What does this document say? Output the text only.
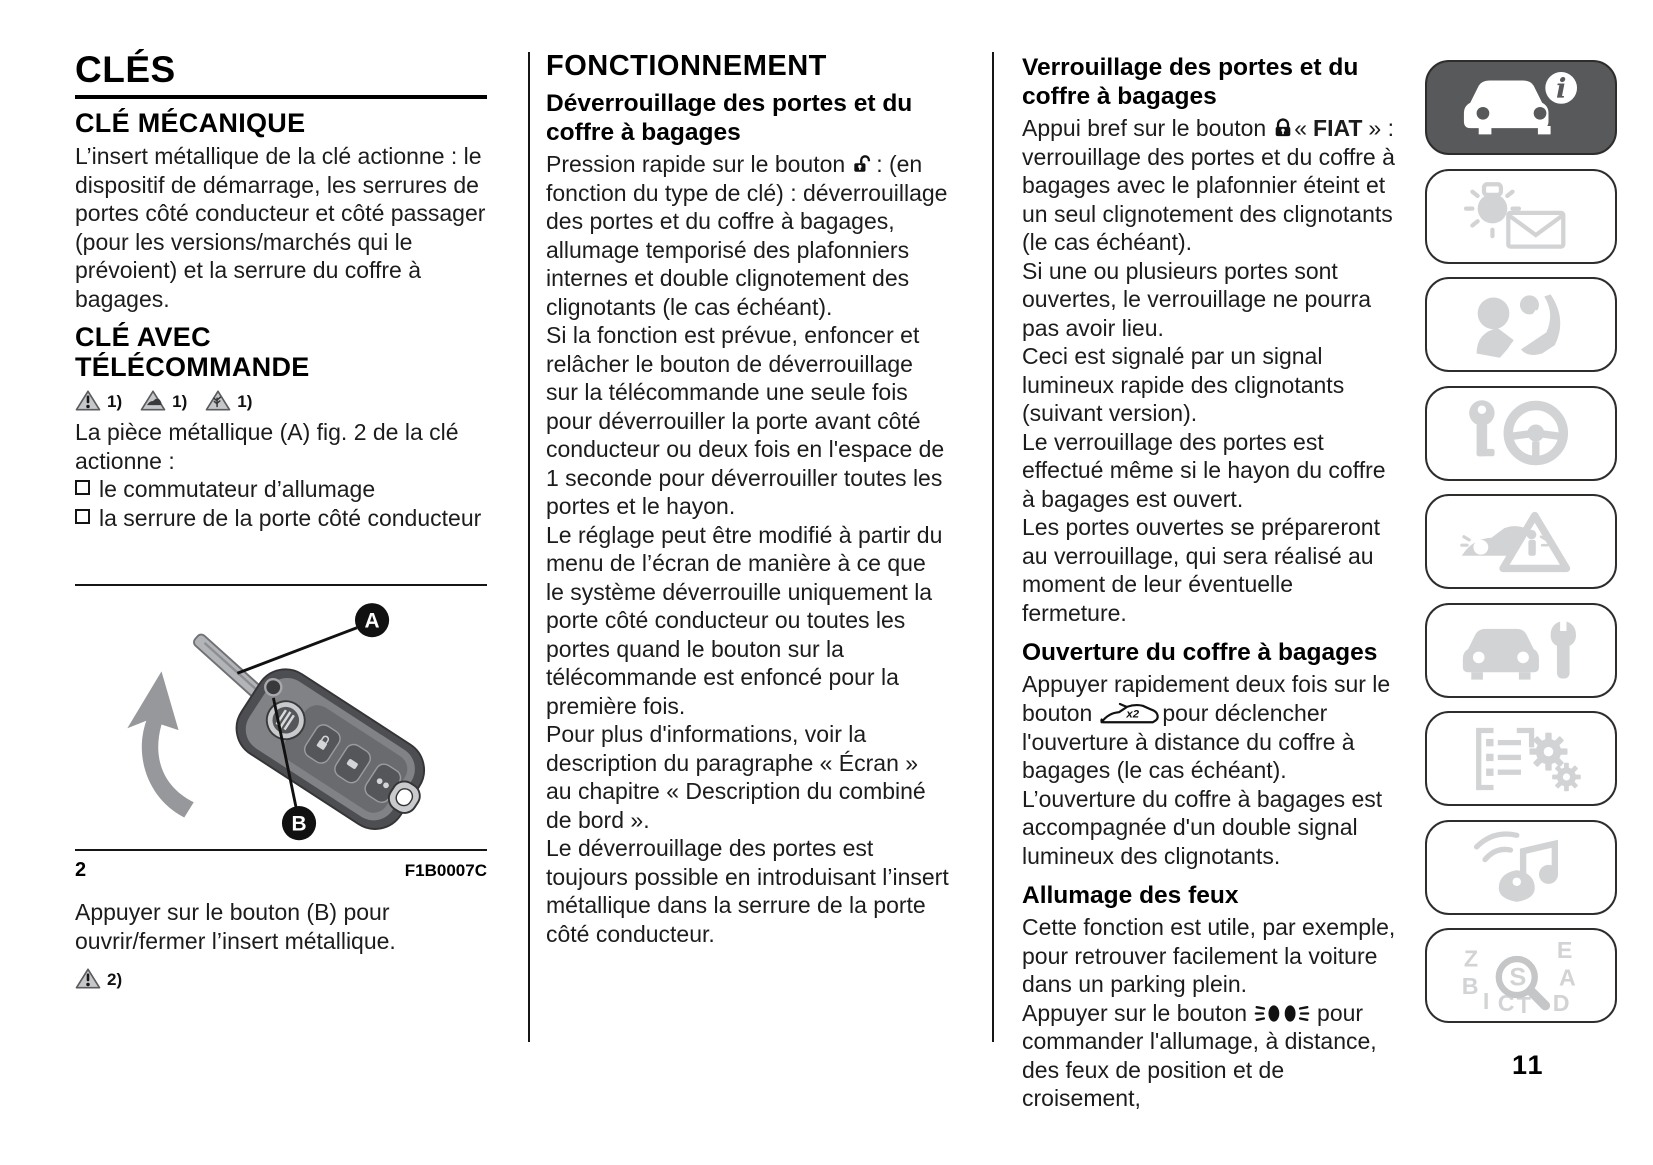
CLÉS
CLÉ MÉCANIQUE

L’insert métallique de la clé actionne : le dispositif de démarrage, les serrures de portes côté conducteur et côté passager (pour les versions/marchés qui le prévoient) et la serrure du coffre à bagages.

CLÉ AVEC
TÉLÉCOMMANDE
1)	1)	1)

La pièce métallique (A) fig. 2 de la clé actionne :

le commutateur d’allumage
la serrure de la porte côté conducteur

A
B
2	F1B0007C

Appuyer sur le bouton (B) pour ouvrir/fermer l’insert métallique.

2)
FONCTIONNEMENT
Déverrouillage des portes et du coffre à bagages

Pression rapide sur le bouton : (en fonction du type de clé) : déverrouillage des portes et du coffre à bagages, allumage temporisé des plafonniers internes et double clignotement des clignotants (le cas échéant).

Si la fonction est prévue, enfoncer et relâcher le bouton de déverrouillage sur la télécommande une seule fois pour déverrouiller la porte avant côté conducteur ou deux fois en l'espace de 1 seconde pour déverrouiller toutes les portes et le hayon.

Le réglage peut être modifié à partir du menu de l’écran de manière à ce que le système déverrouille uniquement la porte côté conducteur ou toutes les portes quand le bouton sur la télécommande est enfoncé pour la première fois.

Pour plus d'informations, voir la description du paragraphe « Écran » au chapitre « Description du combiné de bord ».

Le déverrouillage des portes est toujours possible en introduisant l’insert métallique dans la serrure de la porte côté conducteur.

Verrouillage des portes et du coffre à bagages

Appui bref sur le bouton « FIAT » : verrouillage des portes et du coffre à bagages avec le plafonnier éteint et un seul clignotement des clignotants (le cas échéant).

Si une ou plusieurs portes sont ouvertes, le verrouillage ne pourra pas avoir lieu.

Ceci est signalé par un signal lumineux rapide des clignotants (suivant version).

Le verrouillage des portes est effectué même si le hayon du coffre à bagages est ouvert.

Les portes ouvertes se prépareront au verrouillage, qui sera réalisé au moment de leur éventuelle fermeture.

Ouverture du coffre à bagages

Appuyer rapidement deux fois sur le bouton	x2 pour déclencher l'ouverture à distance du coffre à bagages (le cas échéant).

L’ouverture du coffre à bagages est accompagnée d'un double signal lumineux des clignotants.

Allumage des feux

Cette fonction est utile, par exemple, pour retrouver facilement la voiture dans un parking plein.

Appuyer sur le bouton	pour commander l'allumage, à distance, des feux de position et de croisement,

i
Z	E
B	A
I C T D
S
11
